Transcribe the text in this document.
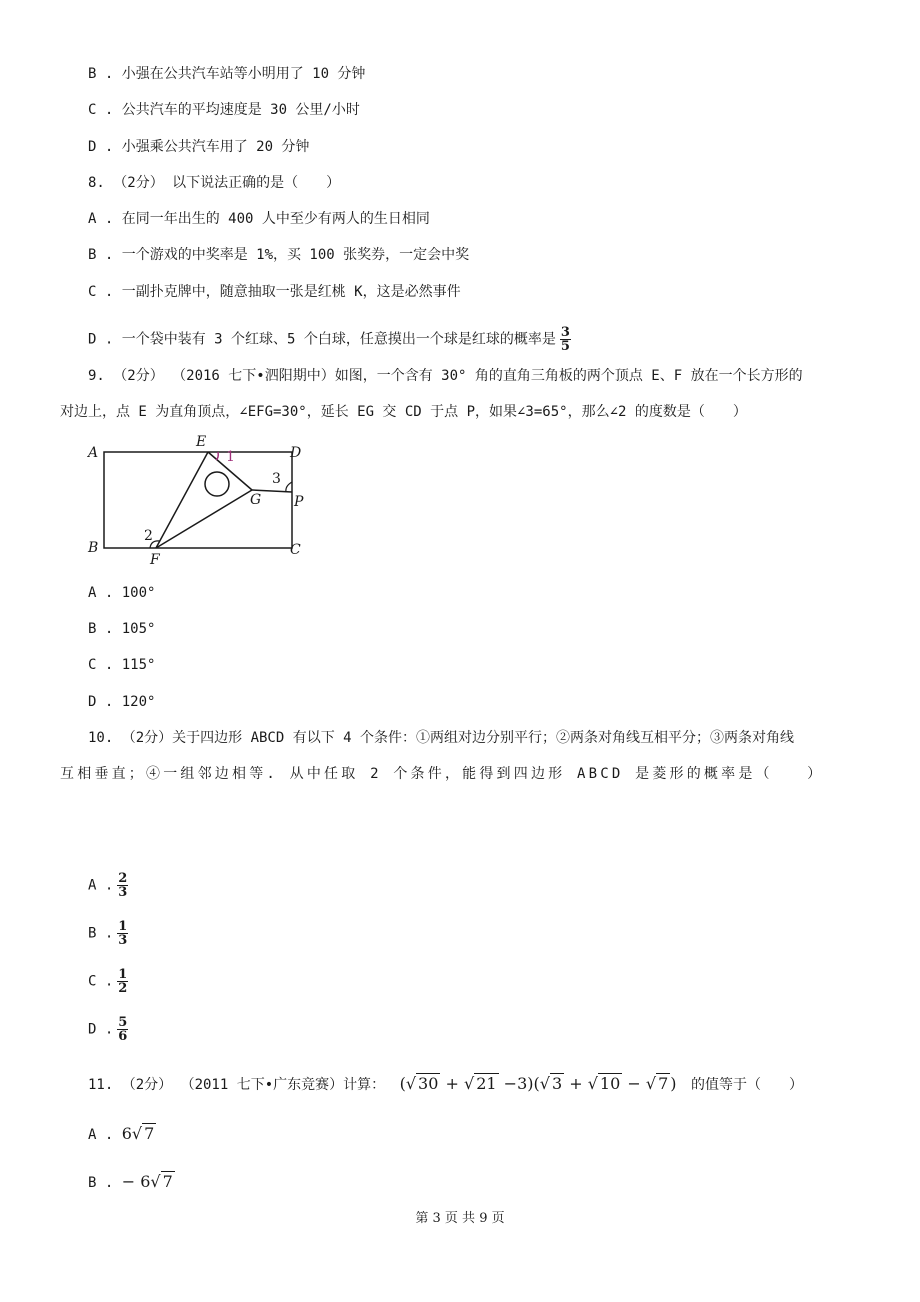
B . 小强在公共汽车站等小明用了 10 分钟
C . 公共汽车的平均速度是 30 公里/小时
D . 小强乘公共汽车用了 20 分钟
8. （2分） 以下说法正确的是（　　）
A . 在同一年出生的 400 人中至少有两人的生日相同
B . 一个游戏的中奖率是 1%，买 100 张奖券，一定会中奖
C . 一副扑克牌中，随意抽取一张是红桃 K，这是必然事件
D . 一个袋中装有 3 个红球、5 个白球，任意摸出一个球是红球的概率是 $\frac{3}{5}$
9. （2分） （2016 七下•泗阳期中）如图，一个含有 30° 角的直角三角板的两个顶点 E、F 放在一个长方形的
对边上，点 E 为直角顶点，∠EFG=30°，延长 EG 交 CD 于点 P，如果∠3=65°，那么∠2 的度数是（　　）
A
B	C
D
E
F
G P
1
3
2
A . 100°
B . 105°
C . 115°
D . 120°
10. （2分）关于四边形 ABCD 有以下 4 个条件：①两组对边分别平行；②两条对角线互相平分；③两条对角线
互相垂直；④一组邻边相等. 从中任取 2 个条件，能得到四边形 ABCD 是菱形的概率是（　　）
A . $\frac{2}{3}$
B . $\frac{1}{3}$
C . $\frac{1}{2}$
D . $\frac{5}{6}$
11. （2分） （2011 七下•广东竞赛）计算： (√ 30 + √ 21 −3)(√ 3 + √ 10 − √ 7 ) 的值等于（　　）
A . 6√ 7
B . − 6√ 7
第 3 页 共 9 页
